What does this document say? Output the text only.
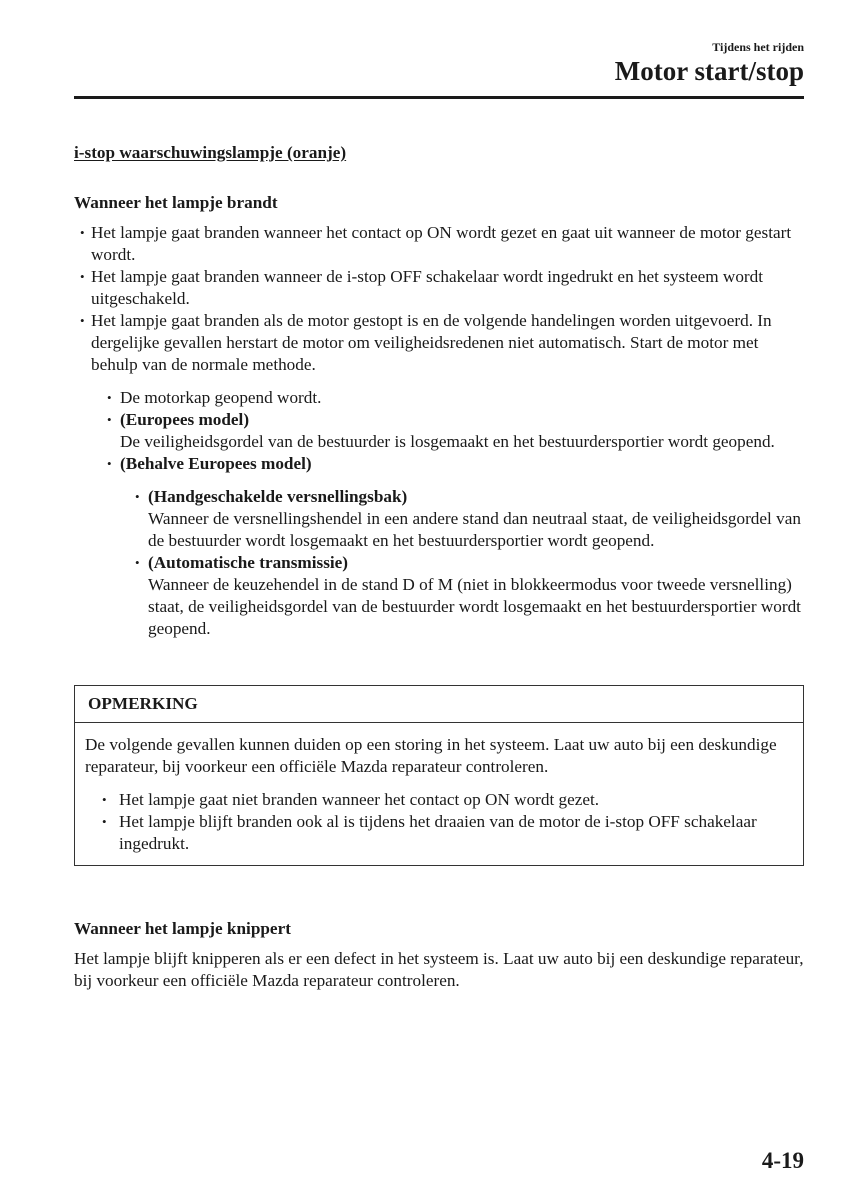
Tijdens het rijden
Motor start/stop
i-stop waarschuwingslampje (oranje)
Wanneer het lampje brandt
• Het lampje gaat branden wanneer het contact op ON wordt gezet en gaat uit wanneer de motor gestart wordt.
• Het lampje gaat branden wanneer de i-stop OFF schakelaar wordt ingedrukt en het systeem wordt uitgeschakeld.
• Het lampje gaat branden als de motor gestopt is en de volgende handelingen worden uitgevoerd. In dergelijke gevallen herstart de motor om veiligheidsredenen niet automatisch. Start de motor met behulp van de normale methode.
• De motorkap geopend wordt.
• (Europees model)
De veiligheidsgordel van de bestuurder is losgemaakt en het bestuurdersportier wordt geopend.
• (Behalve Europees model)
• (Handgeschakelde versnellingsbak)
Wanneer de versnellingshendel in een andere stand dan neutraal staat, de veiligheidsgordel van de bestuurder wordt losgemaakt en het bestuurdersportier wordt geopend.
• (Automatische transmissie)
Wanneer de keuzehendel in de stand D of M (niet in blokkeermodus voor tweede versnelling) staat, de veiligheidsgordel van de bestuurder wordt losgemaakt en het bestuurdersportier wordt geopend.
OPMERKING
De volgende gevallen kunnen duiden op een storing in het systeem. Laat uw auto bij een deskundige reparateur, bij voorkeur een officiële Mazda reparateur controleren.
• Het lampje gaat niet branden wanneer het contact op ON wordt gezet.
• Het lampje blijft branden ook al is tijdens het draaien van de motor de i-stop OFF schakelaar ingedrukt.
Wanneer het lampje knippert
Het lampje blijft knipperen als er een defect in het systeem is. Laat uw auto bij een deskundige reparateur, bij voorkeur een officiële Mazda reparateur controleren.
4-19
